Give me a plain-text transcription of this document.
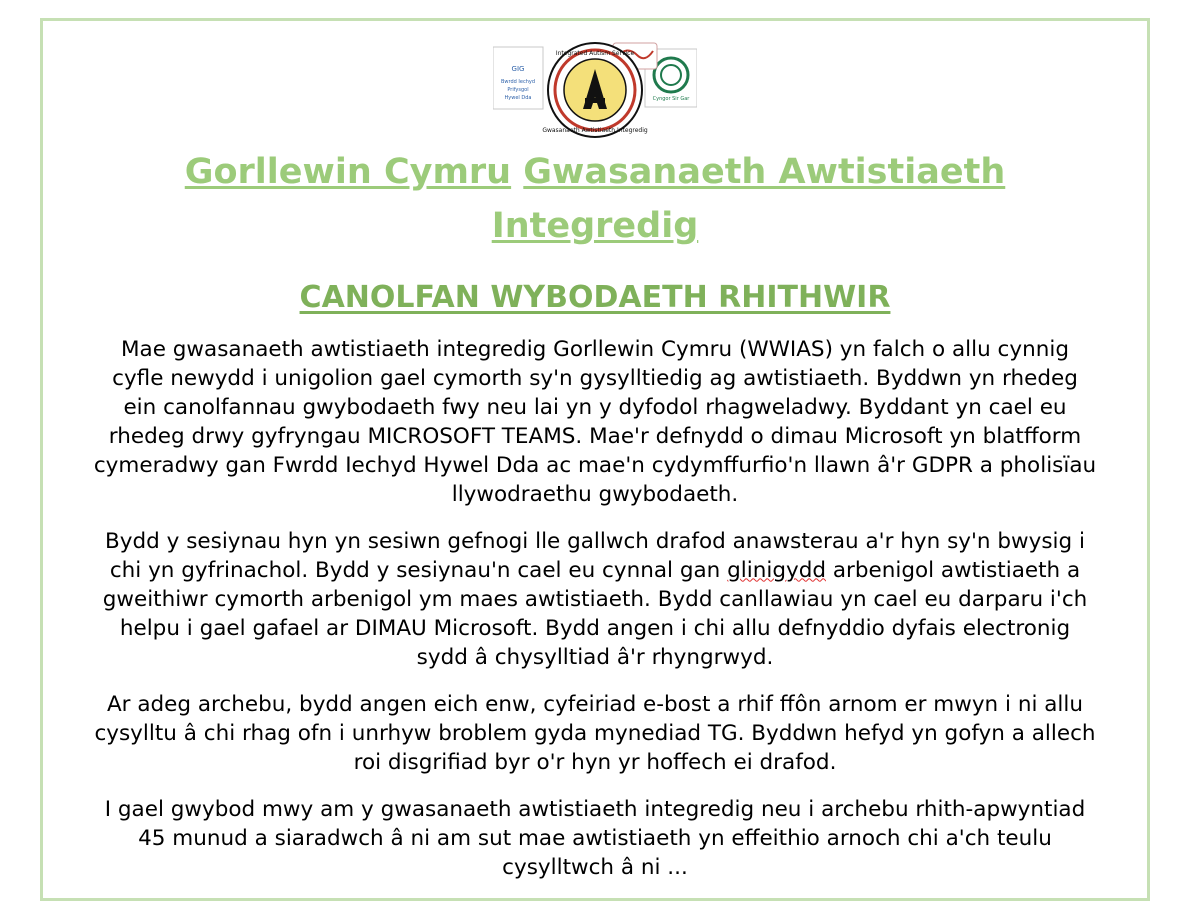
GIG
Bwrdd Iechyd
Prifysgol
Hywel Dda	Cyngor Sir Gar
Integrated Autism Service
Gwasanaeth Awtistiaeth Integredig
Gorllewin Cymru Gwasanaeth Awtistiaeth
Integredig
CANOLFAN WYBODAETH RHITHWIR

Mae gwasanaeth awtistiaeth integredig Gorllewin Cymru (WWIAS) yn falch o allu cynnig cyfle newydd i unigolion gael cymorth sy'n gysylltiedig ag awtistiaeth. Byddwn yn rhedeg ein canolfannau gwybodaeth fwy neu lai yn y dyfodol rhagweladwy. Byddant yn cael eu rhedeg drwy gyfryngau MICROSOFT TEAMS. Mae'r defnydd o dimau Microsoft yn blatfform cymeradwy gan Fwrdd Iechyd Hywel Dda ac mae'n cydymffurfio'n llawn â'r GDPR a pholisïau llywodraethu gwybodaeth.

Bydd y sesiynau hyn yn sesiwn gefnogi lle gallwch drafod anawsterau a'r hyn sy'n bwysig i chi yn gyfrinachol. Bydd y sesiynau'n cael eu cynnal gan glinigydd arbenigol awtistiaeth a gweithiwr cymorth arbenigol ym maes awtistiaeth. Bydd canllawiau yn cael eu darparu i'ch helpu i gael gafael ar DIMAU Microsoft. Bydd angen i chi allu defnyddio dyfais electronig sydd â chysylltiad â'r rhyngrwyd.

Ar adeg archebu, bydd angen eich enw, cyfeiriad e-bost a rhif ffôn arnom er mwyn i ni allu cysylltu â chi rhag ofn i unrhyw broblem gyda mynediad TG. Byddwn hefyd yn gofyn a allech roi disgrifiad byr o'r hyn yr hoffech ei drafod.

I gael gwybod mwy am y gwasanaeth awtistiaeth integredig neu i archebu rhith-apwyntiad 45 munud a siaradwch â ni am sut mae awtistiaeth yn effeithio arnoch chi a'ch teulu cysylltwch â ni ...
